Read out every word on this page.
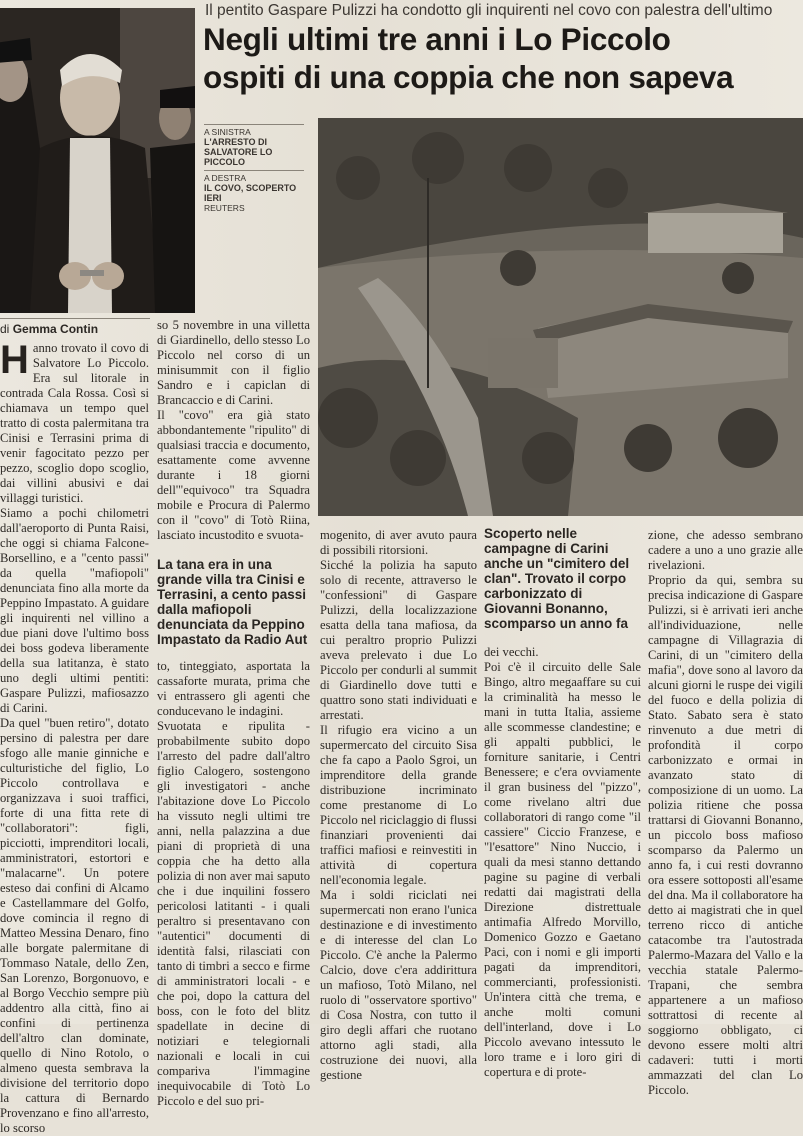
Il pentito Gaspare Pulizzi ha condotto gli inquirenti nel covo con palestra dell'ultimo
Negli ultimi tre anni i Lo Piccolo
ospiti di una coppia che non sapeva
A SINISTRA
L'ARRESTO DI SALVATORE LO PICCOLO
A DESTRA
IL COVO, SCOPERTO IERI
REUTERS
di Gemma Contin

Hanno trovato il covo di Salvatore Lo Piccolo. Era sul litorale in contrada Cala Rossa. Così si chiamava un tempo quel tratto di costa palermitana tra Cinisi e Terrasini prima di venir fagocitato pezzo per pezzo, scoglio dopo scoglio, dai villini abusivi e dai villaggi turistici.

Siamo a pochi chilometri dall'aeroporto di Punta Raisi, che oggi si chiama Falcone-Borsellino, e a "cento passi" da quella "mafiopoli" denunciata fino alla morte da Peppino Impastato. A guidare gli inquirenti nel villino a due piani dove l'ultimo boss dei boss godeva liberamente della sua latitanza, è stato uno degli ultimi pentiti: Gaspare Pulizzi, mafiosazzo di Carini.

Da quel "buen retiro", dotato persino di palestra per dare sfogo alle manie ginniche e culturistiche del figlio, Lo Piccolo controllava e organizzava i suoi traffici, forte di una fitta rete di "collaboratori": figli, picciotti, imprenditori locali, amministratori, estortori e "malacarne". Un potere esteso dai confini di Alcamo e Castellammare del Golfo, dove comincia il regno di Matteo Messina Denaro, fino alle borgate palermitane di Tommaso Natale, dello Zen, San Lorenzo, Borgonuovo, e al Borgo Vecchio sempre più addentro alla città, fino ai confini di pertinenza dell'altro clan dominate, quello di Nino Rotolo, o almeno questa sembrava la divisione del territorio dopo la cattura di Bernardo Provenzano e fino all'arresto, lo scorso

so 5 novembre in una villetta di Giardinello, dello stesso Lo Piccolo nel corso di un minisummit con il figlio Sandro e i capiclan di Brancaccio e di Carini.

Il "covo" era già stato abbondantemente "ripulito" di qualsiasi traccia e documento, esattamente come avvenne durante i 18 giorni dell'"equivoco" tra Squadra mobile e Procura di Palermo con il "covo" di Totò Riina, lasciato incustodito e svuota-

La tana era in una grande villa tra Cinisi e Terrasini, a cento passi dalla mafiopoli denunciata da Peppino Impastato da Radio Aut

to, tinteggiato, asportata la cassaforte murata, prima che vi entrassero gli agenti che conducevano le indagini.

Svuotata e ripulita - probabilmente subito dopo l'arresto del padre dall'altro figlio Calogero, sostengono gli investigatori - anche l'abitazione dove Lo Piccolo ha vissuto negli ultimi tre anni, nella palazzina a due piani di proprietà di una coppia che ha detto alla polizia di non aver mai saputo che i due inquilini fossero pericolosi latitanti - i quali peraltro si presentavano con "autentici" documenti di identità falsi, rilasciati con tanto di timbri a secco e firme di amministratori locali - e che poi, dopo la cattura del boss, con le foto del blitz spadellate in decine di notiziari e telegiornali nazionali e locali in cui compariva l'immagine inequivocabile di Totò Lo Piccolo e del suo pri-

mogenito, di aver avuto paura di possibili ritorsioni.

Sicché la polizia ha saputo solo di recente, attraverso le "confessioni" di Gaspare Pulizzi, della localizzazione esatta della tana mafiosa, da cui peraltro proprio Pulizzi aveva prelevato i due Lo Piccolo per condurli al summit di Giardinello dove tutti e quattro sono stati individuati e arrestati.

Il rifugio era vicino a un supermercato del circuito Sisa che fa capo a Paolo Sgroi, un imprenditore della grande distribuzione incriminato come prestanome di Lo Piccolo nel riciclaggio di flussi finanziari provenienti dai traffici mafiosi e reinvestiti in attività di copertura nell'economia legale.

Ma i soldi riciclati nei supermercati non erano l'unica destinazione e di investimento e di interesse del clan Lo Piccolo. C'è anche la Palermo Calcio, dove c'era addirittura un mafioso, Totò Milano, nel ruolo di "osservatore sportivo" di Cosa Nostra, con tutto il giro degli affari che ruotano attorno agli stadi, alla costruzione dei nuovi, alla gestione

Scoperto nelle campagne di Carini anche un "cimitero del clan". Trovato il corpo carbonizzato di Giovanni Bonanno, scomparso un anno fa

dei vecchi.

Poi c'è il circuito delle Sale Bingo, altro megaaffare su cui la criminalità ha messo le mani in tutta Italia, assieme alle scommesse clandestine; e gli appalti pubblici, le forniture sanitarie, i Centri Benessere; e c'era ovviamente il gran business del "pizzo", come rivelano altri due collaboratori di rango come "il cassiere" Ciccio Franzese, e "l'esattore" Nino Nuccio, i quali da mesi stanno dettando pagine su pagine di verbali redatti dai magistrati della Direzione distrettuale antimafia Alfredo Morvillo, Domenico Gozzo e Gaetano Paci, con i nomi e gli importi pagati da imprenditori, commercianti, professionisti. Un'intera città che trema, e anche molti comuni dell'interland, dove i Lo Piccolo avevano intessuto le loro trame e i loro giri di copertura e di prote-

zione, che adesso sembrano cadere a uno a uno grazie alle rivelazioni.

Proprio da qui, sembra su precisa indicazione di Gaspare Pulizzi, si è arrivati ieri anche all'individuazione, nelle campagne di Villagrazia di Carini, di un "cimitero della mafia", dove sono al lavoro da alcuni giorni le ruspe dei vigili del fuoco e della polizia di Stato. Sabato sera è stato rinvenuto a due metri di profondità il corpo carbonizzato e ormai in avanzato stato di composizione di un uomo. La polizia ritiene che possa trattarsi di Giovanni Bonanno, un piccolo boss mafioso scomparso da Palermo un anno fa, i cui resti dovranno ora essere sottoposti all'esame del dna. Ma il collaboratore ha detto ai magistrati che in quel terreno ricco di antiche catacombe tra l'autostrada Palermo-Mazara del Vallo e la vecchia statale Palermo-Trapani, che sembra appartenere a un mafioso sottrattosi di recente al soggiorno obbligato, ci devono essere molti altri cadaveri: tutti i morti ammazzati del clan Lo Piccolo.
